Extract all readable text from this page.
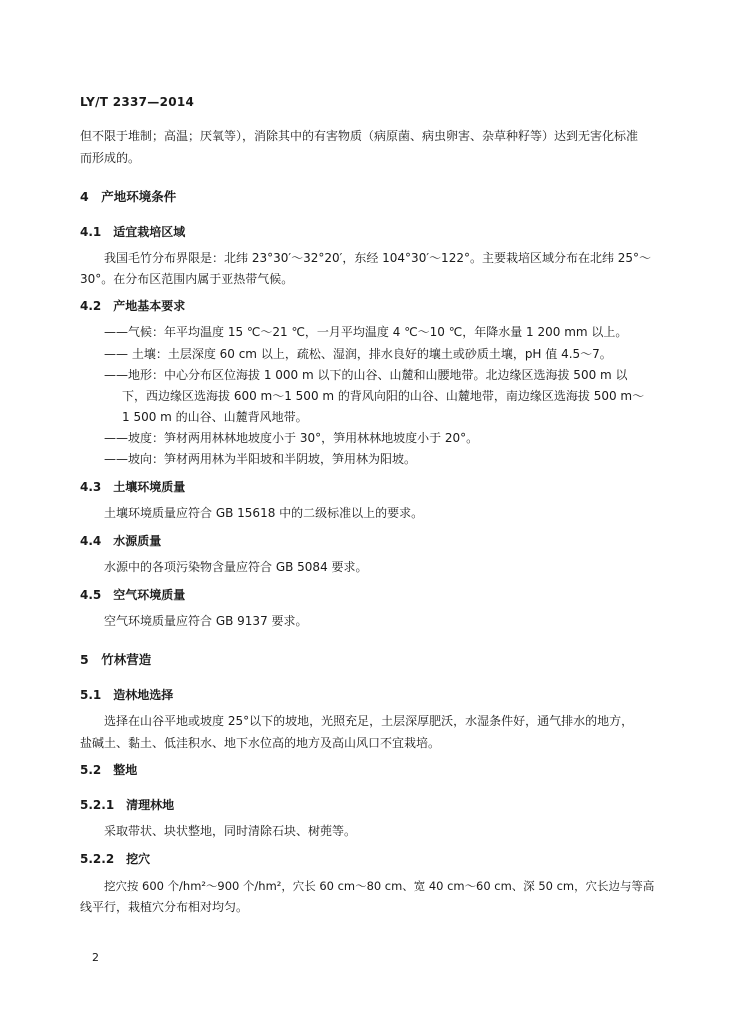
LY/T 2337—2014
但不限于堆制；高温；厌氧等），消除其中的有害物质（病原菌、病虫卵害、杂草种籽等）达到无害化标准
而形成的。
4　产地环境条件
4.1　适宜栽培区域
我国毛竹分布界限是：北纬 23°30′～32°20′，东经 104°30′～122°。主要栽培区域分布在北纬 25°～
30°。在分布区范围内属于亚热带气候。
4.2　产地基本要求
——气候：年平均温度 15 ℃～21 ℃，一月平均温度 4 ℃～10 ℃，年降水量 1 200 mm 以上。
—— 土壤：土层深度 60 cm 以上，疏松、湿润，排水良好的壤土或砂质土壤，pH 值 4.5～7。
——地形：中心分布区位海拔 1 000 m 以下的山谷、山麓和山腰地带。北边缘区选海拔 500 m 以
下，西边缘区选海拔 600 m～1 500 m 的背风向阳的山谷、山麓地带，南边缘区选海拔 500 m～
1 500 m 的山谷、山麓背风地带。
——坡度：笋材两用林林地坡度小于 30°，笋用林林地坡度小于 20°。
——坡向：笋材两用林为半阳坡和半阴坡，笋用林为阳坡。
4.3　土壤环境质量
土壤环境质量应符合 GB 15618 中的二级标准以上的要求。
4.4　水源质量
水源中的各项污染物含量应符合 GB 5084 要求。
4.5　空气环境质量
空气环境质量应符合 GB 9137 要求。
5　竹林营造
5.1　造林地选择
选择在山谷平地或坡度 25°以下的坡地，光照充足，土层深厚肥沃，水湿条件好，通气排水的地方，
盐碱土、黏土、低洼积水、地下水位高的地方及高山风口不宜栽培。
5.2　整地
5.2.1　清理林地
采取带状、块状整地，同时清除石块、树蔸等。
5.2.2　挖穴
挖穴按 600 个/hm²～900 个/hm²，穴长 60 cm～80 cm、宽 40 cm～60 cm、深 50 cm，穴长边与等高
线平行，栽植穴分布相对均匀。
2
